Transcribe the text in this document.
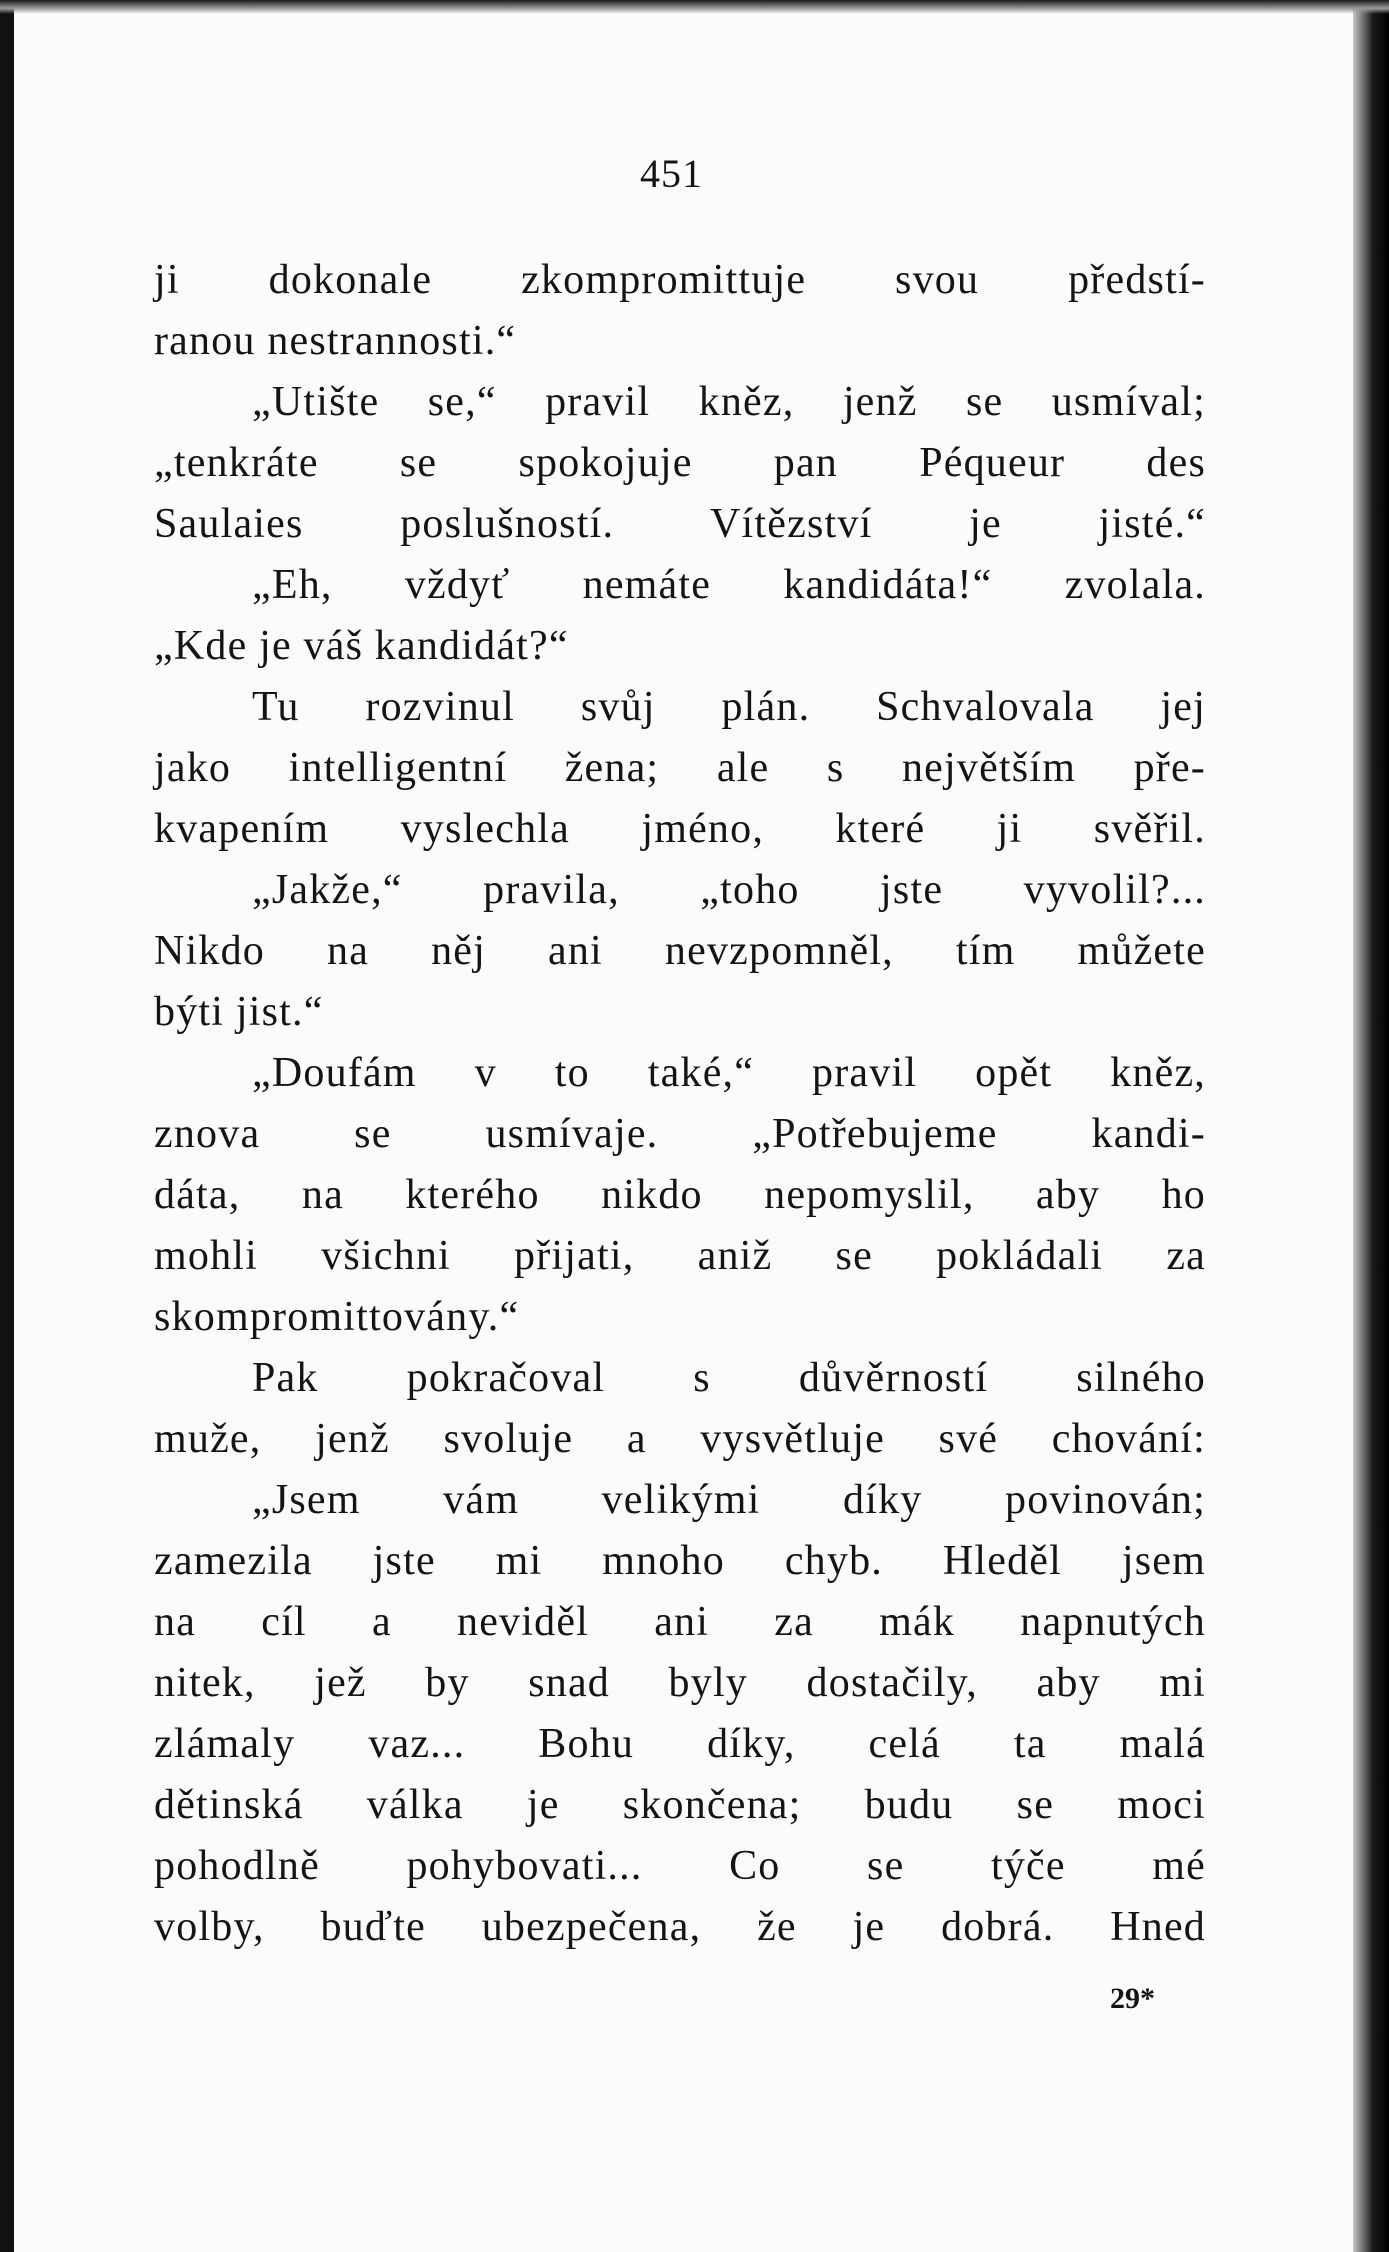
451
ji dokonale zkompromittuje svou předstí-
ranou nestrannosti.“
„Utište se,“ pravil kněz, jenž se usmíval;
„tenkráte se spokojuje pan Péqueur des
Saulaies poslušností. Vítězství je jisté.“
„Eh, vždyť nemáte kandidáta!“ zvolala.
„Kde je váš kandidát?“
Tu rozvinul svůj plán. Schvalovala jej
jako intelligentní žena; ale s největším pře-
kvapením vyslechla jméno, které ji svěřil.
„Jakže,“ pravila, „toho jste vyvolil?...
Nikdo na něj ani nevzpomněl, tím můžete
býti jist.“
„Doufám v to také,“ pravil opět kněz,
znova se usmívaje. „Potřebujeme kandi-
dáta, na kterého nikdo nepomyslil, aby ho
mohli všichni přijati, aniž se pokládali za
skompromittovány.“
Pak pokračoval s důvěrností silného
muže, jenž svoluje a vysvětluje své chování:
„Jsem vám velikými díky povinován;
zamezila jste mi mnoho chyb. Hleděl jsem
na cíl a neviděl ani za mák napnutých
nitek, jež by snad byly dostačily, aby mi
zlámaly vaz... Bohu díky, celá ta malá
dětinská válka je skončena; budu se moci
pohodlně pohybovati... Co se týče mé
volby, buďte ubezpečena, že je dobrá. Hned
29*
